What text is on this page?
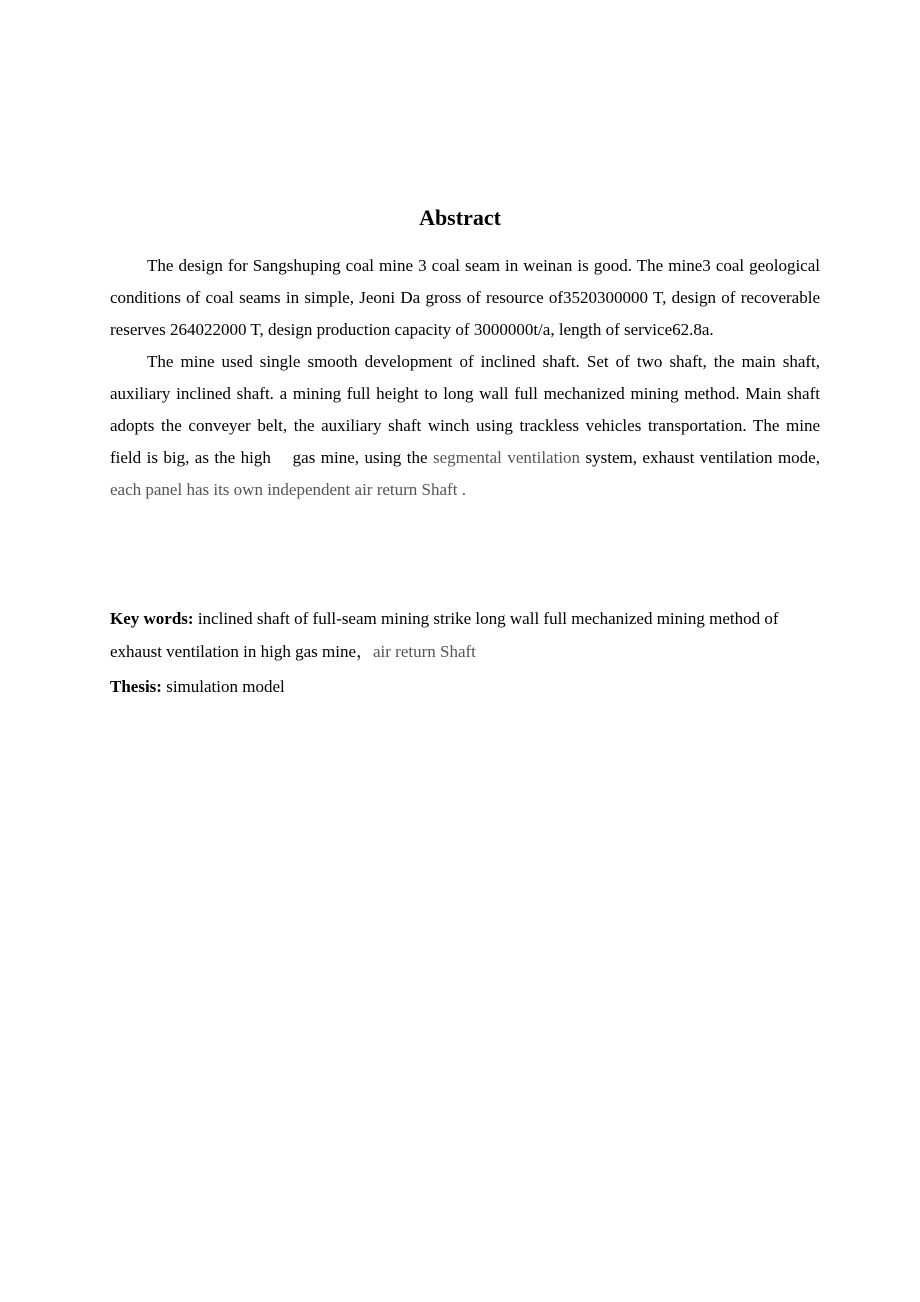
Abstract

The design for Sangshuping coal mine 3 coal seam in weinan is good. The mine3 coal geological conditions of coal seams in simple, Jeoni Da gross of resource of3520300000 T, design of recoverable reserves 264022000 T, design production capacity of 3000000t/a, length of service62.8a.

The mine used single smooth development of inclined shaft. Set of two shaft, the main shaft, auxiliary inclined shaft. a mining full height to long wall full mechanized mining method. Main shaft adopts the conveyer belt, the auxiliary shaft winch using trackless vehicles transportation. The mine field is big, as the high    gas mine, using the segmental ventilation system, exhaust ventilation mode, each panel has its own independent air return Shaft .

Key words: inclined shaft of full-seam mining strike long wall full mechanized mining method of exhaust ventilation in high gas mine，air return Shaft

Thesis: simulation model
